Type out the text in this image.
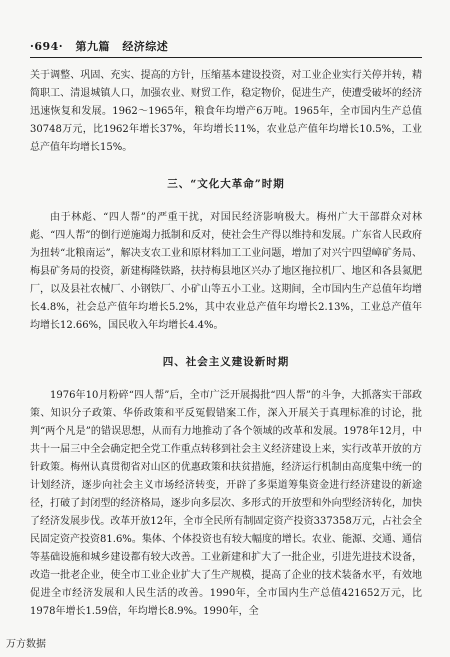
·694· 第九篇 经济综述

关于调整、巩固、充实、提高的方针，压缩基本建设投资，对工业企业实行关停并转，精简职工、清退城镇人口，加强农业、财贸工作，稳定物价，促进生产，使遭受破坏的经济迅速恢复和发展。1962～1965年，粮食年均增产6万吨。1965年，全市国内生产总值30748万元，比1962年增长37%，年均增长11%，农业总产值年均增长10.5%，工业总产值年均增长15%。

三、“文化大革命”时期

由于林彪、“四人帮”的严重干扰，对国民经济影响极大。梅州广大干部群众对林彪、“四人帮”的倒行逆施竭力抵制和反对，使社会生产得以维持和发展。广东省人民政府为扭转“北粮南运”，解决支农工业和原材料加工工业问题，增加了对兴宁四望嶂矿务局、梅县矿务局的投资，新建梅隆铁路，扶持梅县地区兴办了地区拖拉机厂、地区和各县氮肥厂，以及县社农械厂、小钢铁厂、小矿山等五小工业。这期间，全市国内生产总值年均增长4.8%，社会总产值年均增长5.2%，其中农业总产值年均增长2.13%，工业总产值年均增长12.66%，国民收入年均增长4.4%。

四、社会主义建设新时期

1976年10月粉碎“四人帮”后，全市广泛开展揭批“四人帮”的斗争，大抓落实干部政策、知识分子政策、华侨政策和平反冤假错案工作，深入开展关于真理标准的讨论，批判“两个凡是”的错误思想，从而有力地推动了各个领域的改革和发展。1978年12月，中共十一届三中全会确定把全党工作重点转移到社会主义经济建设上来，实行改革开放的方针政策。梅州认真贯彻省对山区的优惠政策和扶贫措施，经济运行机制由高度集中统一的计划经济，逐步向社会主义市场经济转变，开辟了多渠道筹集资金进行经济建设的新途径，打破了封闭型的经济格局，逐步向多层次、多形式的开放型和外向型经济转化，加快了经济发展步伐。改革开放12年，全市全民所有制固定资产投资337358万元，占社会全民固定资产投资81.6%。集体、个体投资也有较大幅度的增长。农业、能源、交通、通信等基础设施和城乡建设都有较大改善。工业新建和扩大了一批企业，引进先进技术设备，改造一批老企业，使全市工业企业扩大了生产规模，提高了企业的技术装备水平，有效地促进全市经济发展和人民生活的改善。1990年，全市国内生产总值421652万元，比1978年增长1.59倍，年均增长8.9%。1990年，全

万方数据
